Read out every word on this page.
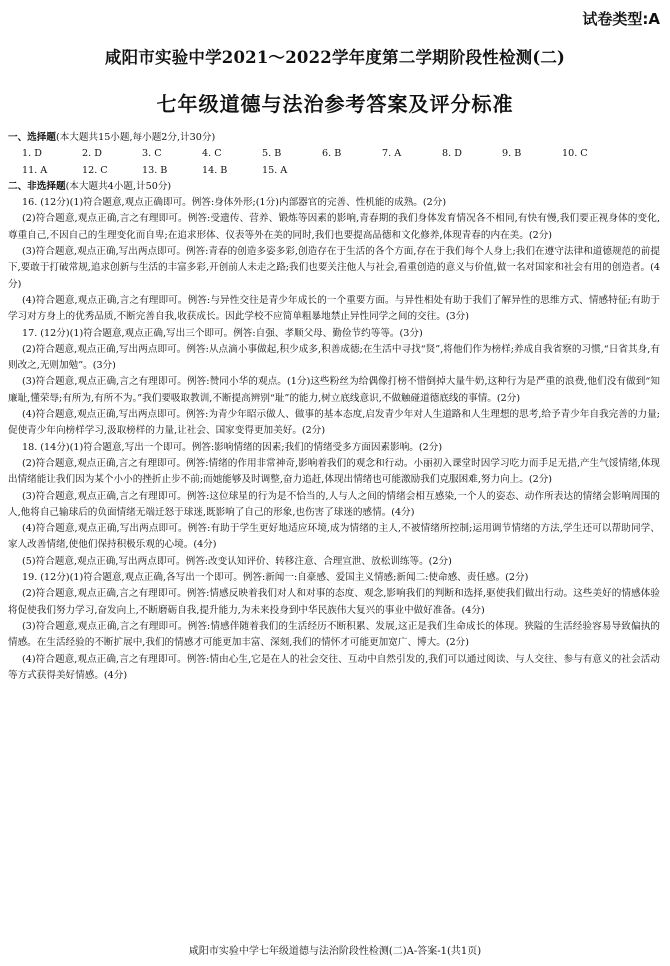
试卷类型:A
咸阳市实验中学2021～2022学年度第二学期阶段性检测(二)
七年级道德与法治参考答案及评分标准
一、选择题(本大题共15小题,每小题2分,计30分)
1. D	2. D	3. C	4. C	5. B	6. B	7. A	8. D	9. B	10. C
11. A	12. C	13. B	14. B	15. A
二、非选择题(本大题共4小题,计50分)
16. (12分)(1)符合题意,观点正确即可。例答:身体外形;(1分)内部器官的完善、性机能的成熟。(2分)
(2)符合题意,观点正确,言之有理即可。例答:受遗传、营养、锻炼等因素的影响,青春期的我们身体发育情况各不相同,有快有慢,我们要正视身体的变化,尊重自己,不因自己的生理变化而自卑;在追求形体、仪表等外在美的同时,我们也要提高品德和文化修养,体现青春的内在美。(2分)
(3)符合题意,观点正确,写出两点即可。例答:青春的创造多姿多彩,创造存在于生活的各个方面,存在于我们每个人身上;我们在遵守法律和道德规范的前提下,要敢于打破常规,追求创新与生活的丰富多彩,开创前人未走之路;我们也要关注他人与社会,看重创造的意义与价值,做一名对国家和社会有用的创造者。(4分)
(4)符合题意,观点正确,言之有理即可。例答:与异性交往是青少年成长的一个重要方面。与异性相处有助于我们了解异性的思维方式、情感特征;有助于学习对方身上的优秀品质,不断完善自我,收获成长。因此学校不应简单粗暴地禁止异性同学之间的交往。(3分)
17. (12分)(1)符合题意,观点正确,写出三个即可。例答:自强、孝顺父母、勤俭节约等等。(3分)
(2)符合题意,观点正确,写出两点即可。例答:从点滴小事做起,积少成多,积善成德;在生活中寻找“贤”,将他们作为榜样;养成自我省察的习惯,“日省其身,有则改之,无则加勉”。(3分)
(3)符合题意,观点正确,言之有理即可。例答:赞同小华的观点。(1分)这些粉丝为给偶像打榜不惜倒掉大量牛奶,这种行为是严重的浪费,他们没有做到“知廉耻,懂荣辱;有所为,有所不为。”我们要吸取教训,不断提高辨别“耻”的能力,树立底线意识,不做触碰道德底线的事情。(2分)
(4)符合题意,观点正确,写出两点即可。例答:为青少年昭示做人、做事的基本态度,启发青少年对人生道路和人生理想的思考,给予青少年自我完善的力量;促使青少年向榜样学习,汲取榜样的力量,让社会、国家变得更加美好。(2分)
18. (14分)(1)符合题意,写出一个即可。例答:影响情绪的因素;我们的情绪受多方面因素影响。(2分)
(2)符合题意,观点正确,言之有理即可。例答:情绪的作用非常神奇,影响着我们的观念和行动。小丽初入课堂时因学习吃力而手足无措,产生气馁情绪,体现出情绪能让我们因为某个小小的挫折止步不前;而她能够及时调整,奋力追赶,体现出情绪也可能激励我们克服困难,努力向上。(2分)
(3)符合题意,观点正确,言之有理即可。例答:这位球星的行为是不恰当的,人与人之间的情绪会相互感染,一个人的姿态、动作所表达的情绪会影响周围的人,他将自己输球后的负面情绪无端迁怒于球迷,既影响了自己的形象,也伤害了球迷的感情。(4分)
(4)符合题意,观点正确,写出两点即可。例答:有助于学生更好地适应环境,成为情绪的主人,不被情绪所控制;运用调节情绪的方法,学生还可以帮助同学、家人改善情绪,使他们保持积极乐观的心境。(4分)
(5)符合题意,观点正确,写出两点即可。例答:改变认知评价、转移注意、合理宣泄、放松训练等。(2分)
19. (12分)(1)符合题意,观点正确,各写出一个即可。例答:新闻一:自豪感、爱国主义情感;新闻二:使命感、责任感。(2分)
(2)符合题意,观点正确,言之有理即可。例答:情感反映着我们对人和对事的态度、观念,影响我们的判断和选择,驱使我们做出行动。这些美好的情感体验将促使我们努力学习,奋发向上,不断磨砺自我,提升能力,为未来投身到中华民族伟大复兴的事业中做好准备。(4分)
(3)符合题意,观点正确,言之有理即可。例答:情感伴随着我们的生活经历不断积累、发展,这正是我们生命成长的体现。狭隘的生活经验容易导致偏执的情感。在生活经验的不断扩展中,我们的情感才可能更加丰富、深刻,我们的情怀才可能更加宽广、博大。(2分)
(4)符合题意,观点正确,言之有理即可。例答:情由心生,它是在人的社会交往、互动中自然引发的,我们可以通过阅读、与人交往、参与有意义的社会活动等方式获得美好情感。(4分)
咸阳市实验中学七年级道德与法治阶段性检测(二)A-答案-1(共1页)
